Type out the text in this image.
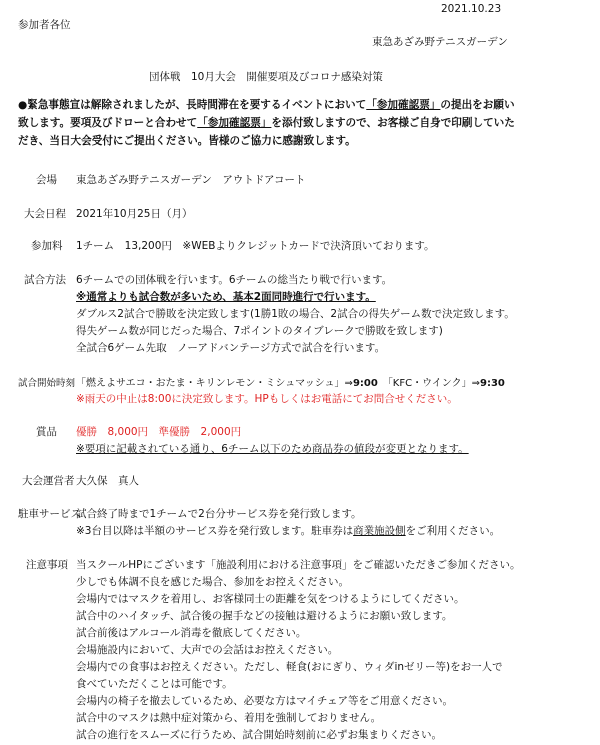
2021.10.23
参加者各位
東急あざみ野テニスガーデン
団体戦　10月大会　開催要項及びコロナ感染対策
●緊急事態宣は解除されましたが、長時間滞在を要するイベントにおいて「参加確認票」の提出をお願い
致します。要項及びドローと合わせて「参加確認票」を添付致しますので、お客様ご自身で印刷していた
だき、当日大会受付にご提出ください。皆様のご協力に感謝致します。
会場 東急あざみ野テニスガーデン　アウトドアコート
大会日程 2021年10月25日（月）
参加料 1チーム　13,200円　※WEBよりクレジットカードで決済頂いております。
試合方法 6チームでの団体戦を行います。6チームの総当たり戦で行います。
※通常よりも試合数が多いため、基本2面同時進行で行います。
ダブルス2試合で勝敗を決定致します(1勝1敗の場合、2試合の得失ゲーム数で決定致します。
得失ゲーム数が同じだった場合、7ポイントのタイブレークで勝敗を致します)
全試合6ゲーム先取　ノーアドバンテージ方式で試合を行います。
試合開始時刻 「燃えよサエコ・おたま・キリンレモン・ミシュマッシュ」⇒9:00　 「KFC・ウインク」⇒9:30
※雨天の中止は8:00に決定致します。HPもしくはお電話にてお問合せください。
賞品 優勝　8,000円　準優勝　2,000円
※要項に記載されている通り、6チーム以下のため商品券の値段が変更となります。
大会運営者 大久保　真人
駐車サービス
試合終了時まで1チームで2台分サービス券を発行致します。
※3台目以降は半額のサービス券を発行致します。駐車券は商業施設側をご利用ください。
注意事項 当スクールHPにございます「施設利用における注意事項」をご確認いただきご参加ください。
少しでも体調不良を感じた場合、参加をお控えください。
会場内ではマスクを着用し、お客様同士の距離を気をつけるようにしてください。
試合中のハイタッチ、試合後の握手などの接触は避けるようにお願い致します。
試合前後はアルコール消毒を徹底してください。
会場施設内において、大声での会話はお控えください。
会場内での食事はお控えください。ただし、軽食(おにぎり、ウィダinゼリー等)をお一人で
食べていただくことは可能です。
会場内の椅子を撤去しているため、必要な方はマイチェア等をご用意ください。
試合中のマスクは熱中症対策から、着用を強制しておりません。
試合の進行をスムーズに行うため、試合開始時刻前に必ずお集まりください。
